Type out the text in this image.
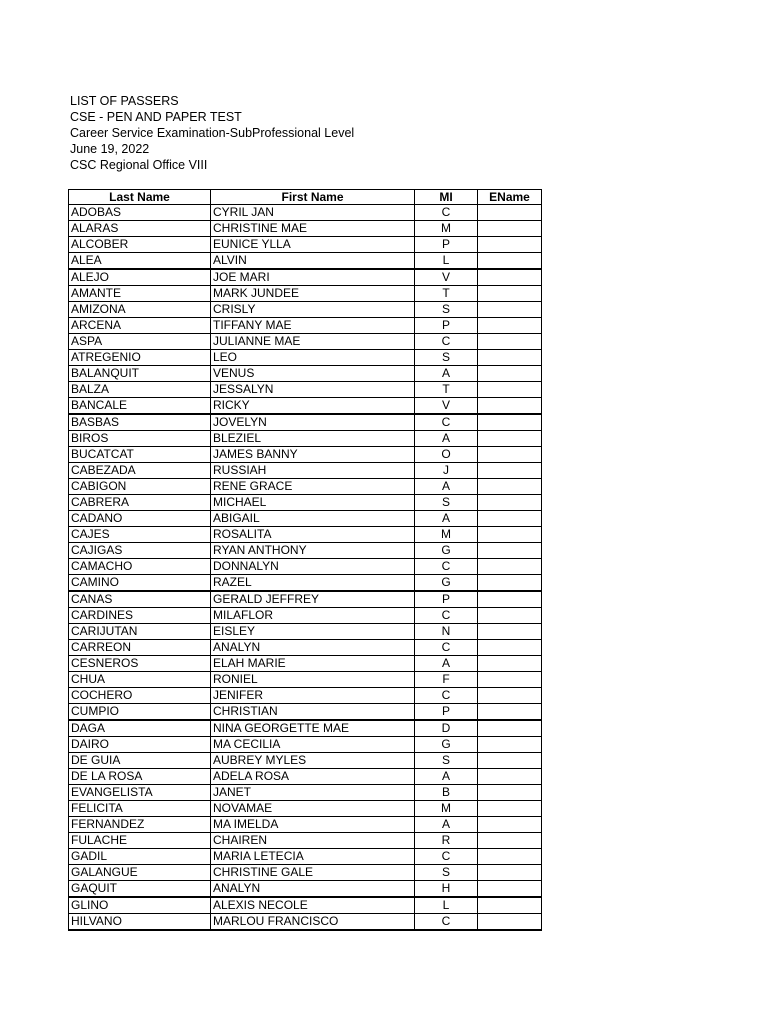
LIST OF PASSERS
CSE - PEN AND PAPER TEST
Career Service Examination-SubProfessional Level
June 19, 2022
CSC Regional Office VIII
Last Name	First Name	MI	EName
ADOBAS	CYRIL JAN	C	
ALARAS	CHRISTINE MAE	M	
ALCOBER	EUNICE YLLA	P	
ALEA	ALVIN	L	
ALEJO	JOE MARI	V	
AMANTE	MARK JUNDEE	T	
AMIZONA	CRISLY	S	
ARCENA	TIFFANY MAE	P	
ASPA	JULIANNE MAE	C	
ATREGENIO	LEO	S	
BALANQUIT	VENUS	A	
BALZA	JESSALYN	T	
BANCALE	RICKY	V	
BASBAS	JOVELYN	C	
BIROS	BLEZIEL	A	
BUCATCAT	JAMES BANNY	O	
CABEZADA	RUSSIAH	J	
CABIGON	RENE GRACE	A	
CABRERA	MICHAEL	S	
CADANO	ABIGAIL	A	
CAJES	ROSALITA	M	
CAJIGAS	RYAN ANTHONY	G	
CAMACHO	DONNALYN	C	
CAMINO	RAZEL	G	
CANAS	GERALD JEFFREY	P	
CARDINES	MILAFLOR	C	
CARIJUTAN	EISLEY	N	
CARREON	ANALYN	C	
CESNEROS	ELAH MARIE	A	
CHUA	RONIEL	F	
COCHERO	JENIFER	C	
CUMPIO	CHRISTIAN	P	
DAGA	NINA GEORGETTE MAE	D	
DAIRO	MA CECILIA	G	
DE GUIA	AUBREY MYLES	S	
DE LA ROSA	ADELA ROSA	A	
EVANGELISTA	JANET	B	
FELICITA	NOVAMAE	M	
FERNANDEZ	MA IMELDA	A	
FULACHE	CHAIREN	R	
GADIL	MARIA LETECIA	C	
GALANGUE	CHRISTINE GALE	S	
GAQUIT	ANALYN	H	
GLINO	ALEXIS NECOLE	L	
HILVANO	MARLOU FRANCISCO	C	
